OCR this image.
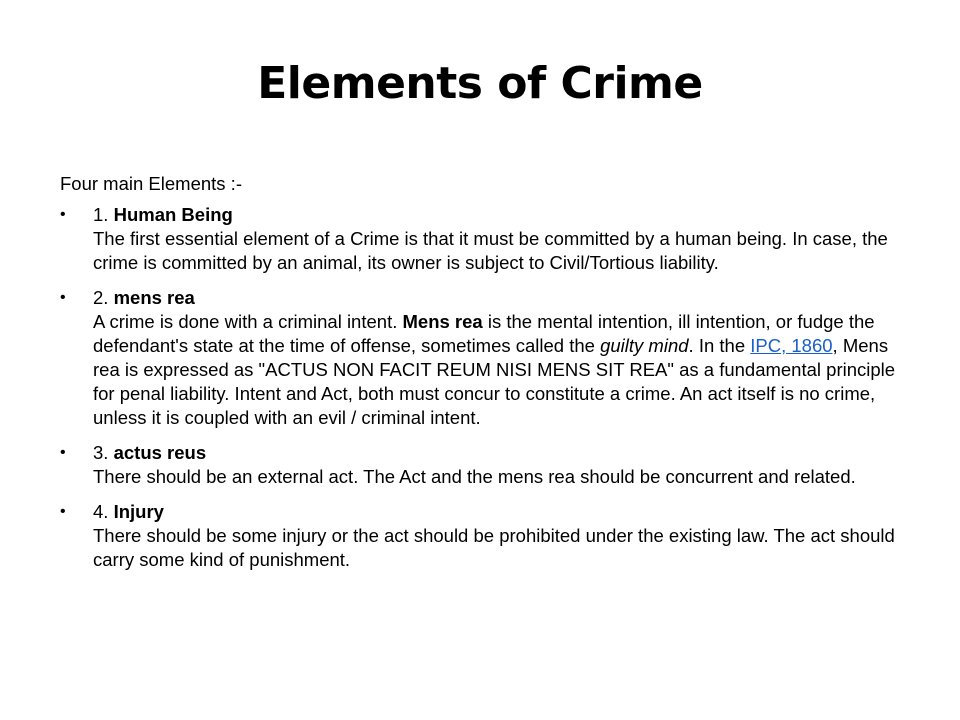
Elements of Crime
Four main Elements :-
• 1. Human Being
The first essential element of a Crime is that it must be committed by a human being. In case, the crime is committed by an animal, its owner is subject to Civil/Tortious liability.
• 2. mens rea
A crime is done with a criminal intent. Mens rea is the mental intention, ill intention, or fudge the defendant's state at the time of offense, sometimes called the guilty mind. In the IPC, 1860, Mens rea is expressed as "ACTUS NON FACIT REUM NISI MENS SIT REA" as a fundamental principle for penal liability. Intent and Act, both must concur to constitute a crime. An act itself is no crime, unless it is coupled with an evil / criminal intent.
• 3. actus reus
There should be an external act. The Act and the mens rea should be concurrent and related.
• 4. Injury
There should be some injury or the act should be prohibited under the existing law. The act should carry some kind of punishment.
